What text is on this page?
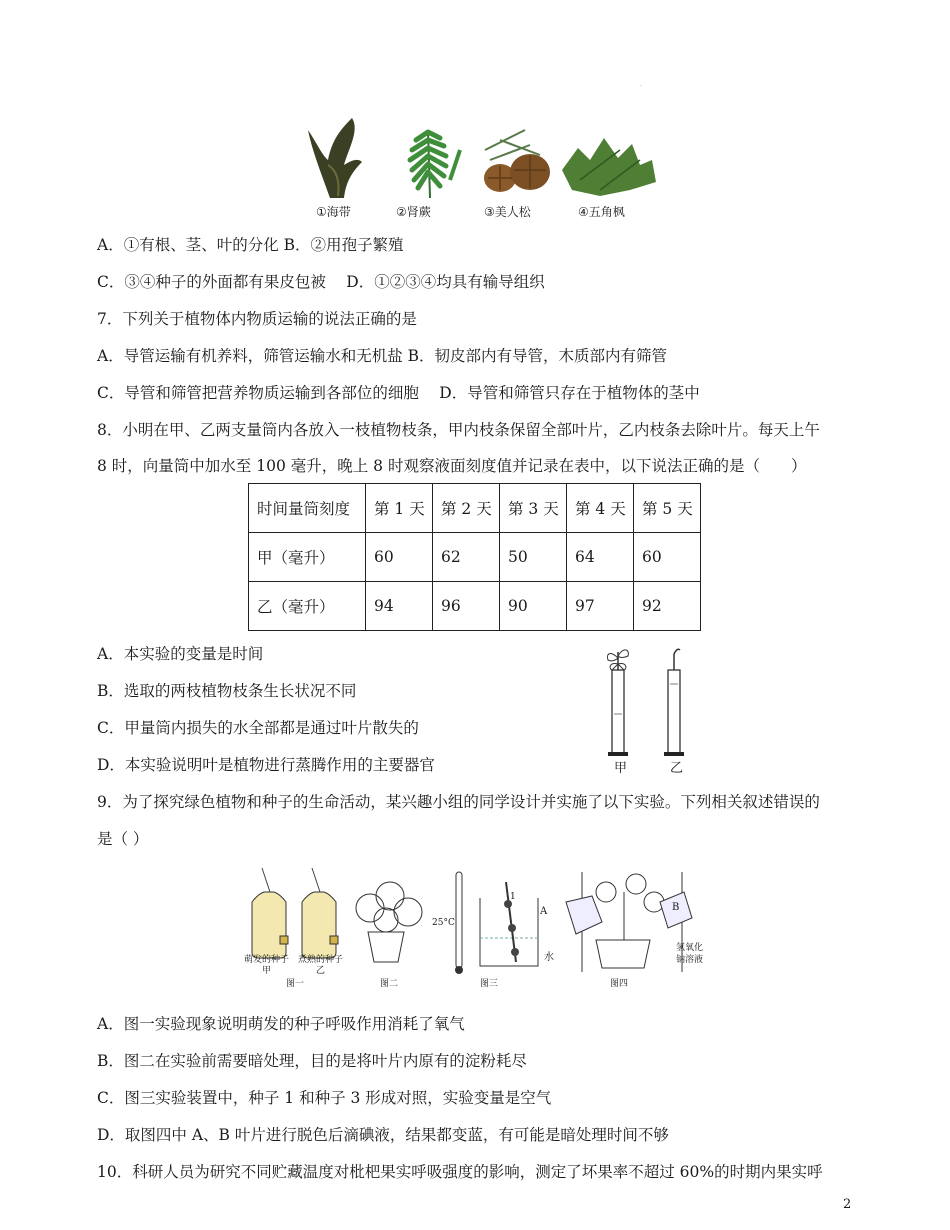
·
①海带	②肾蕨	③美人松	④五角枫
A．①有根、茎、叶的分化 B．②用孢子繁殖
C．③④种子的外面都有果皮包被　 D．①②③④均具有输导组织
7．下列关于植物体内物质运输的说法正确的是
A．导管运输有机养料，筛管运输水和无机盐 B．韧皮部内有导管，木质部内有筛管
C．导管和筛管把营养物质运输到各部位的细胞　 D．导管和筛管只存在于植物体的茎中
8．小明在甲、乙两支量筒内各放入一枝植物枝条，甲内枝条保留全部叶片，乙内枝条去除叶片。每天上午
8 时，向量筒中加水至 100 毫升，晚上 8 时观察液面刻度值并记录在表中，以下说法正确的是（　　）
时间量筒刻度	第 1 天	第 2 天	第 3 天	第 4 天	第 5 天
甲（毫升）	60	62	50	64	60
乙（毫升）	94	96	90	97	92
A．本实验的变量是时间
B．选取的两枝植物枝条生长状况不同
C．甲量筒内损失的水全部都是通过叶片散失的
D．本实验说明叶是植物进行蒸腾作用的主要器官	甲	乙
9．为了探究绿色植物和种子的生命活动，某兴趣小组的同学设计并实施了以下实验。下列相关叙述错误的
是（ ）
萌发的种子 煮熟的种子
甲	乙
25°C
1
A	B
水
氢氧化
钠溶液
图一	图二	图三	图四
A．图一实验现象说明萌发的种子呼吸作用消耗了氧气
B．图二在实验前需要暗处理，目的是将叶片内原有的淀粉耗尽
C．图三实验装置中，种子 1 和种子 3 形成对照，实验变量是空气
D．取图四中 A、B 叶片进行脱色后滴碘液，结果都变蓝，有可能是暗处理时间不够
10．科研人员为研究不同贮藏温度对枇杷果实呼吸强度的影响，测定了坏果率不超过 60%的时期内果实呼
2
